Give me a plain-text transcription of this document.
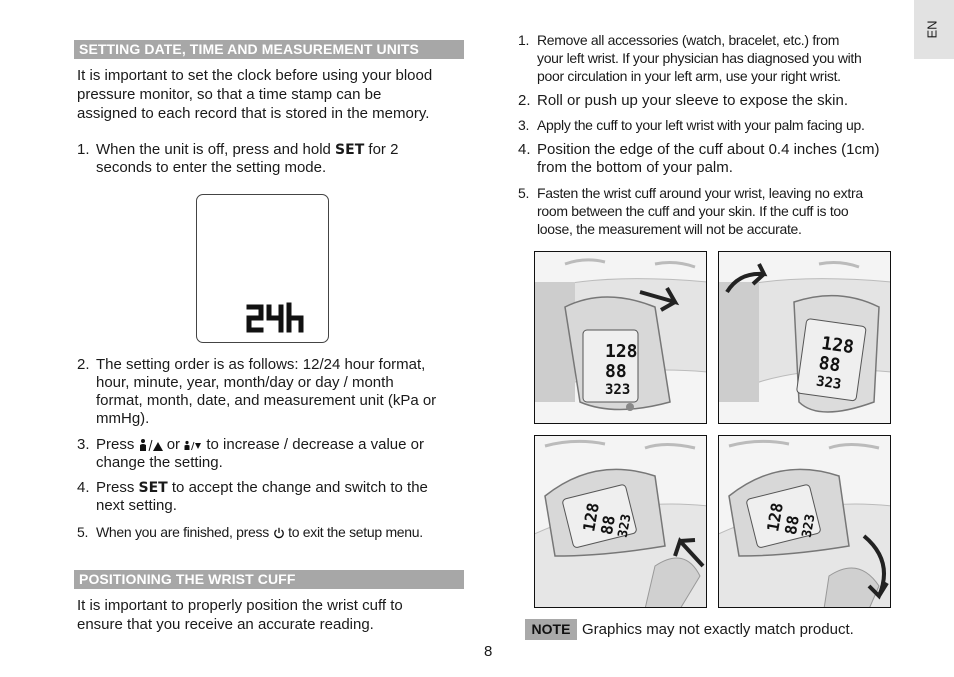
EN
SETTING DATE, TIME AND MEASUREMENT UNITS
It is important to set the clock before using your blood
pressure monitor, so that a time stamp can be
assigned to each record that is stored in the memory.
1. When the unit is off, press and hold SET for 2
seconds to enter the setting mode.
2. The setting order is as follows: 12/24 hour format,
hour, minute, year, month/day or day / month
format, month, date, and measurement unit (kPa or
mmHg).
3. Press  or  to increase / decrease a value or
change the setting.
4. Press SET to accept the change and switch to the
next setting.
5. When you are finished, press  to exit the setup menu.
POSITIONING THE WRIST CUFF
It is important to properly position the wrist cuff to
ensure that you receive an accurate reading.
1. Remove all accessories (watch, bracelet, etc.) from
your left wrist. If your physician has diagnosed you with
poor circulation in your left arm, use your right wrist.
2. Roll or push up your sleeve to expose the skin.
3. Apply the cuff to your left wrist with your palm facing up.
4. Position the edge of the cuff about 0.4 inches (1cm)
from the bottom of your palm.
5. Fasten the wrist cuff around your wrist, leaving no extra
room between the cuff and your skin. If the cuff is too
loose, the measurement will not be accurate.
128
88
323
128
88
323
128
88
323	128
88
323
NOTE Graphics may not exactly match product.
8
